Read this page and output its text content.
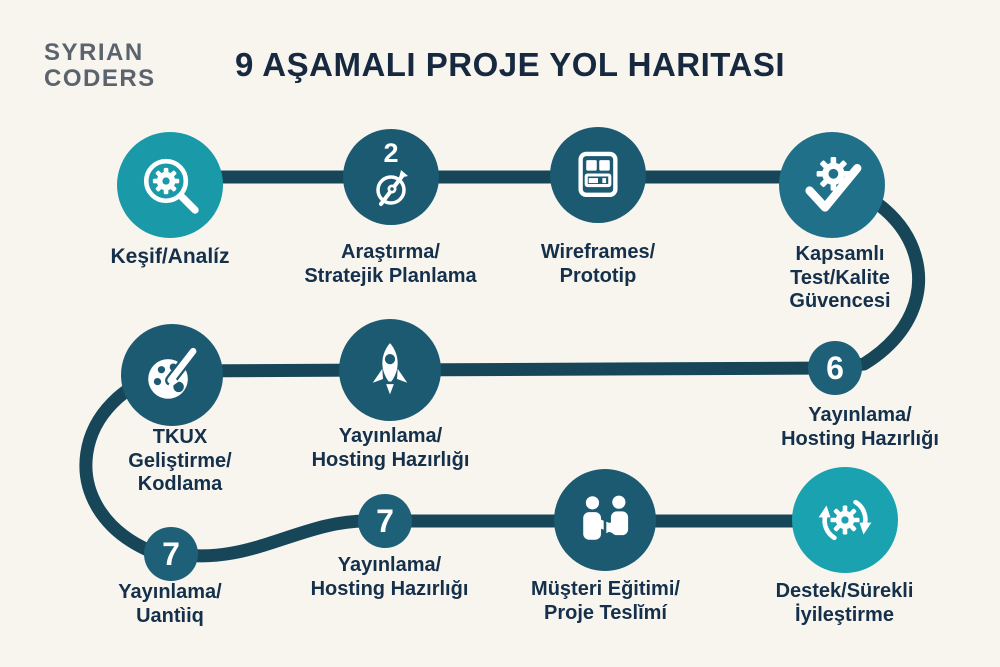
SYRIAN
CODERS	9 AŞAMALI PROJE YOL HARITASI
2
6
7
7
Keşif/Analíz	Araştırma/
Stratejik Planlama
Wireframes/
Prototip
Kapsamlı
Test/Kalite
Güvencesi
Yayınlama/
Hosting Hazırlığı
Yayınlama/
Hosting Hazırlığı
TKUX
Geliştirme/
Kodlama
Yayınlama/
Uantìiq
Yayınlama/
Hosting Hazırlığı	Müşteri Eğitimi/
Proje Teslĭmí
Destek/Sürekli
İyileştirme
